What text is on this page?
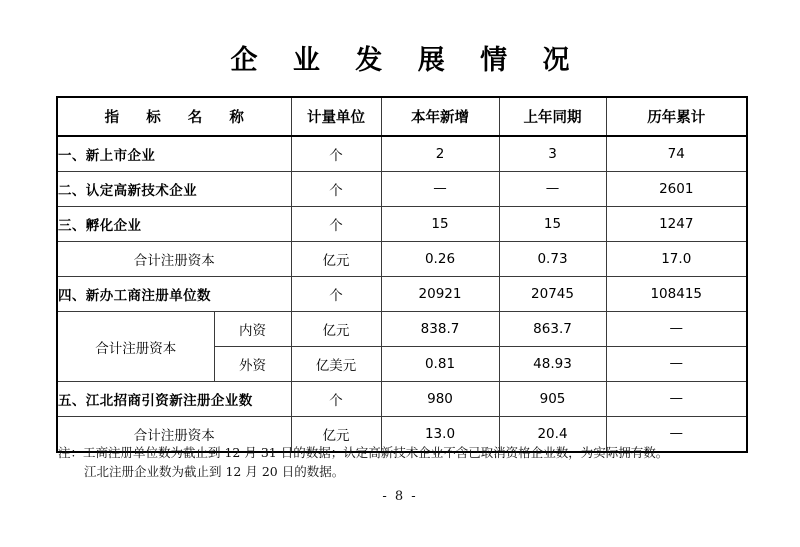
企 业 发 展 情 况
指 标 名 称		计量单位	本年新增	上年同期	历年累计
一、新上市企业		个	2	3	74
二、认定高新技术企业		个	—	—	2601
三、孵化企业		个	15	15	1247
合计注册资本		亿元	0.26	0.73	17.0
四、新办工商注册单位数		个	20921	20745	108415
合计注册资本	内资	亿元	838.7	863.7	—
	外资	亿美元	0.81	48.93	—
五、江北招商引资新注册企业数		个	980	905	—
合计注册资本		亿元	13.0	20.4	—
注：工商注册单位数为截止到 12 月 31 日的数据；认定高新技术企业不含已取消资格企业数，为实际拥有数。
江北注册企业数为截止到 12 月 20 日的数据。
- 8 -
